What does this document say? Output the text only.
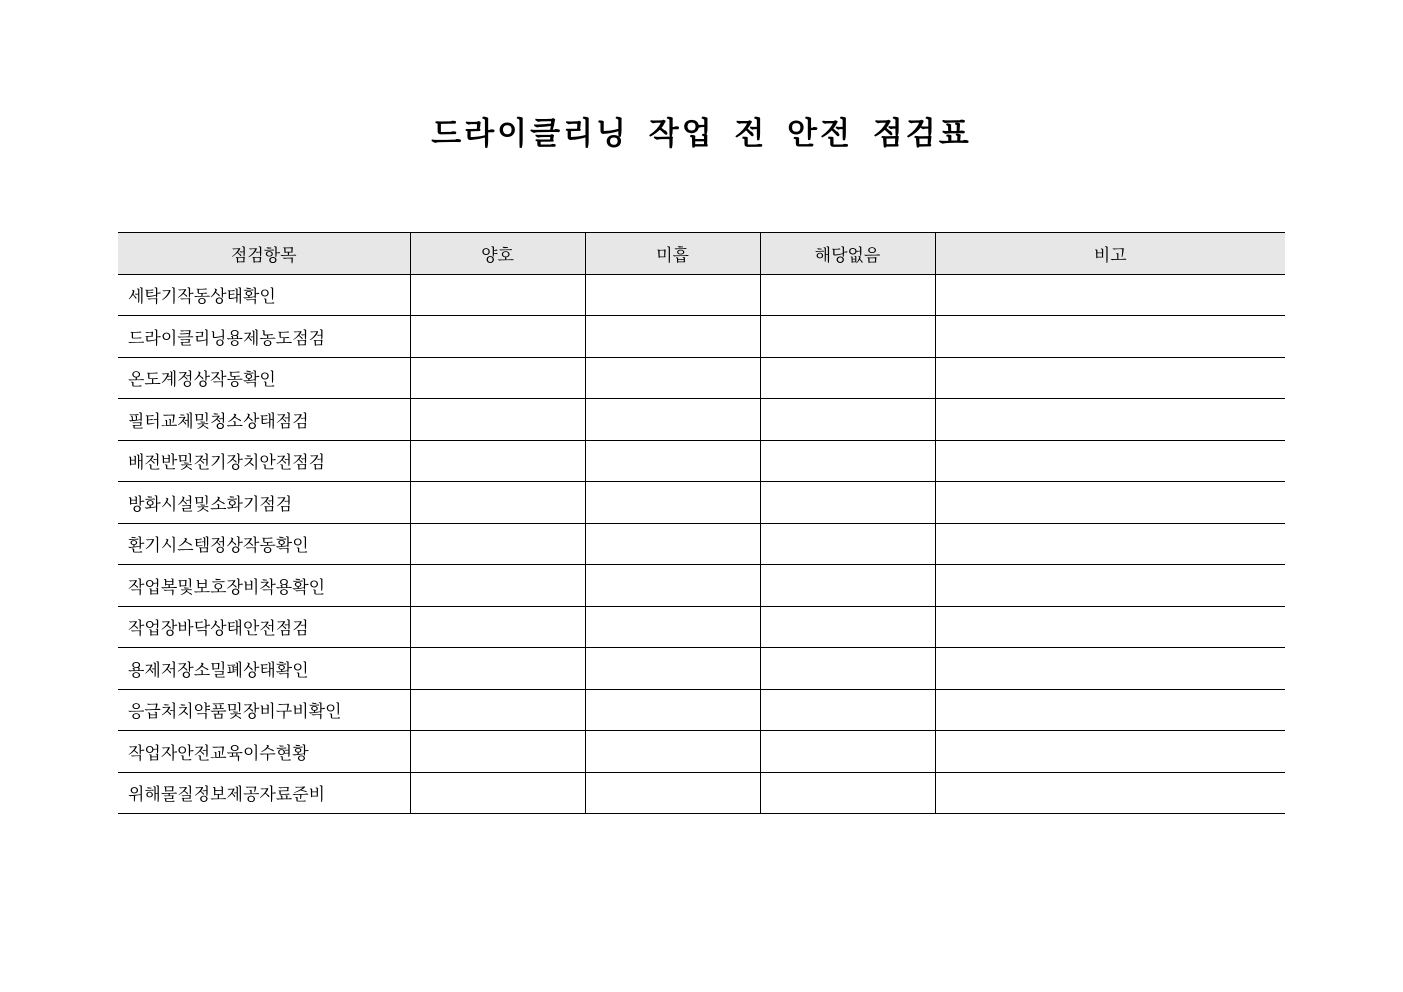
드라이클리닝 작업 전 안전 점검표
점검항목	양호	미흡	해당없음	비고
세탁기작동상태확인				
드라이클리닝용제농도점검				
온도계정상작동확인				
필터교체및청소상태점검				
배전반및전기장치안전점검				
방화시설및소화기점검				
환기시스템정상작동확인				
작업복및보호장비착용확인				
작업장바닥상태안전점검				
용제저장소밀폐상태확인				
응급처치약품및장비구비확인				
작업자안전교육이수현황				
위해물질정보제공자료준비				
